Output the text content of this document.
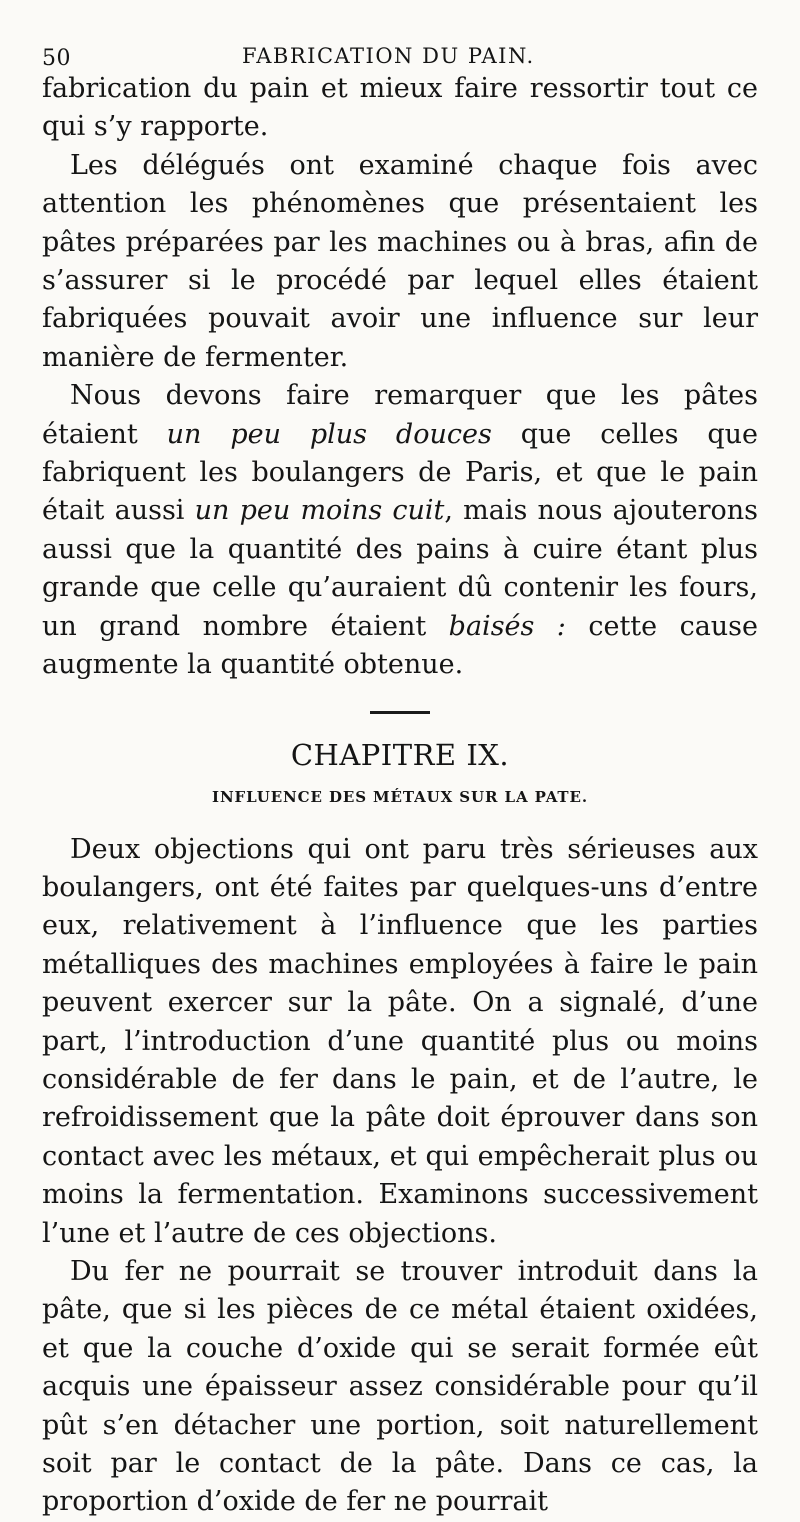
50	FABRICATION DU PAIN.

fabrication du pain et mieux faire ressortir tout ce qui s’y rapporte.

Les délégués ont examiné chaque fois avec attention les phénomènes que présentaient les pâtes préparées par les machines ou à bras, afin de s’assurer si le procédé par lequel elles étaient fabriquées pouvait avoir une influence sur leur manière de fermenter.

Nous devons faire remarquer que les pâtes étaient un peu plus douces que celles que fabriquent les boulangers de Paris, et que le pain était aussi un peu moins cuit, mais nous ajouterons aussi que la quantité des pains à cuire étant plus grande que celle qu’auraient dû contenir les fours, un grand nombre étaient baisés : cette cause augmente la quantité obtenue.

CHAPITRE IX.
INFLUENCE DES MÉTAUX SUR LA PATE.

Deux objections qui ont paru très sérieuses aux boulangers, ont été faites par quelques-uns d’entre eux, relativement à l’influence que les parties métalliques des machines employées à faire le pain peuvent exercer sur la pâte. On a signalé, d’une part, l’introduction d’une quantité plus ou moins considérable de fer dans le pain, et de l’autre, le refroidissement que la pâte doit éprouver dans son contact avec les métaux, et qui empêcherait plus ou moins la fermentation. Examinons successivement l’une et l’autre de ces objections.

Du fer ne pourrait se trouver introduit dans la pâte, que si les pièces de ce métal étaient oxidées, et que la couche d’oxide qui se serait formée eût acquis une épaisseur assez considérable pour qu’il pût s’en détacher une portion, soit naturellement soit par le contact de la pâte. Dans ce cas, la proportion d’oxide de fer ne pourrait
